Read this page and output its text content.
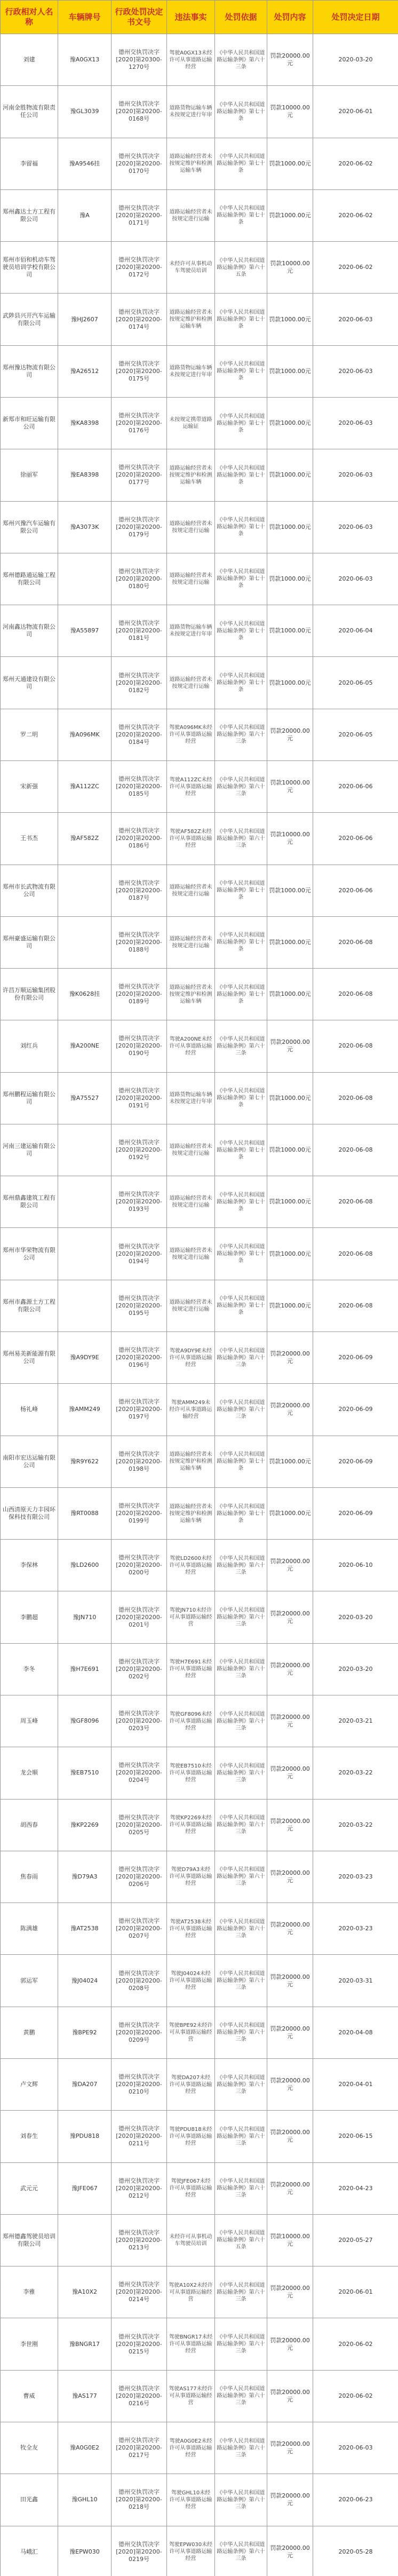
行政相对人名称	车辆牌号	行政处罚决定书文号	违法事实	处罚依据	处罚内容	处罚决定日期
刘建	豫A0GX13	德州交执罚决字[2020]第20300-1270号	驾驶A0GX13未经许可从事道路运输经营	《中华人民共和国道路运输条例》第六十三条	罚款20000.00元	2020-03-20
河南金胜物流有限责任公司	豫GL3039	德州交执罚决字[2020]第20200-0168号	道路货物运输车辆未按规定进行年审	《中华人民共和国道路运输条例》第七十条	罚款10000.00元	2020-06-01
李留福	豫A9546挂	德州交执罚决字[2020]第20200-0170号	道路运输经营者未按规定维护和检测运输车辆	《中华人民共和国道路运输条例》第七十条	罚款1000.00元	2020-06-02
郑州鑫达土方工程有限公司	豫A	德州交执罚决字[2020]第20200-0171号	道路运输经营者未按规定进行运输	《中华人民共和国道路运输条例》第七十条	罚款1000.00元	2020-06-02
郑州市佰和机动车驾驶员培训学校有限公司		德州交执罚决字[2020]第20200-0172号	未经许可从事机动车驾驶员培训	《中华人民共和国道路运输条例》第六十五条	罚款10000.00元	2020-06-02
武陟县兴开汽车运输有限公司	豫HJ2607	德州交执罚决字[2020]第20200-0174号	道路运输经营者未按规定维护和检测运输车辆	《中华人民共和国道路运输条例》第七十条	罚款1000.00元	2020-06-03
郑州豫达物流有限公司	豫A26512	德州交执罚决字[2020]第20200-0175号	道路货物运输车辆未按规定进行年审	《中华人民共和国道路运输条例》第七十条	罚款1000.00元	2020-06-03
新郑市和旺运输有限公司	豫KA8398	德州交执罚决字[2020]第20200-0176号	未按规定携带道路运输证	《中华人民共和国道路运输条例》第七十条	罚款1000.00元	2020-06-03
徐丽军	豫EA8398	德州交执罚决字[2020]第20200-0177号	道路运输经营者未按规定维护和检测运输车辆	《中华人民共和国道路运输条例》第七十条	罚款1000.00元	2020-06-03
郑州兴豫汽车运输有限公司	豫A3073K	德州交执罚决字[2020]第20200-0179号	道路运输经营者未按规定进行运输	《中华人民共和国道路运输条例》第七十条	罚款1000.00元	2020-06-03
郑州德路通运输工程有限公司		德州交执罚决字[2020]第20200-0180号	道路运输经营者未按规定进行运输	《中华人民共和国道路运输条例》第七十条	罚款1000.00元	2020-06-03
河南鑫达物流有限公司	豫A55897	德州交执罚决字[2020]第20200-0181号	道路货物运输车辆未按规定进行年审	《中华人民共和国道路运输条例》第七十条	罚款1000.00元	2020-06-04
郑州天通建设有限公司		德州交执罚决字[2020]第20200-0182号	道路运输经营者未按规定进行运输	《中华人民共和国道路运输条例》第七十条	罚款1000.00元	2020-06-05
罗二明	豫A096MK	德州交执罚决字[2020]第20200-0184号	驾驶A096MK未经许可从事道路运输经营	《中华人民共和国道路运输条例》第六十三条	罚款20000.00元	2020-06-05
宋新强	豫A112ZC	德州交执罚决字[2020]第20200-0185号	驾驶A112ZC未经许可从事道路运输经营	《中华人民共和国道路运输条例》第六十三条	罚款10000.00元	2020-06-06
王书杰	豫AF582Z	德州交执罚决字[2020]第20200-0186号	驾驶AF582Z未经许可从事道路运输经营	《中华人民共和国道路运输条例》第六十三条	罚款10000.00元	2020-06-06
郑州市长武物流有限公司		德州交执罚决字[2020]第20200-0187号	道路运输经营者未按规定进行运输	《中华人民共和国道路运输条例》第七十条	罚款1000.00元	2020-06-06
郑州豪盛运输有限公司		德州交执罚决字[2020]第20200-0188号	道路运输经营者未按规定进行运输	《中华人民共和国道路运输条例》第七十条	罚款1000.00元	2020-06-08
许昌万顺运输集团股份有限公司	豫K0628挂	德州交执罚决字[2020]第20200-0189号	道路运输经营者未按规定维护和检测运输车辆	《中华人民共和国道路运输条例》第七十条	罚款1000.00元	2020-06-08
刘红兵	豫A200NE	德州交执罚决字[2020]第20200-0190号	驾驶A200NE未经许可从事道路运输经营	《中华人民共和国道路运输条例》第六十三条	罚款20000.00元	2020-06-08
郑州鹏程运输有限公司	豫A75527	德州交执罚决字[2020]第20200-0191号	道路货物运输车辆未按规定进行年审	《中华人民共和国道路运输条例》第七十条	罚款1000.00元	2020-06-08
河南三建运输有限公司		德州交执罚决字[2020]第20200-0192号	道路运输经营者未按规定进行运输	《中华人民共和国道路运输条例》第七十条	罚款1000.00元	2020-06-08
郑州鼎鑫建筑工程有限公司		德州交执罚决字[2020]第20200-0193号	道路运输经营者未按规定进行运输	《中华人民共和国道路运输条例》第七十条	罚款1000.00元	2020-06-08
郑州市华荣物流有限公司		德州交执罚决字[2020]第20200-0194号	道路运输经营者未按规定进行运输	《中华人民共和国道路运输条例》第七十条	罚款1000.00元	2020-06-08
郑州市鑫源土方工程有限公司		德州交执罚决字[2020]第20200-0195号	道路运输经营者未按规定进行运输	《中华人民共和国道路运输条例》第七十条	罚款1000.00元	2020-06-08
郑州易美新能源有限公司	豫A9DY9E	德州交执罚决字[2020]第20200-0196号	驾驶A9DY9E未经许可从事道路运输经营	《中华人民共和国道路运输条例》第六十三条	罚款20000.00元	2020-06-09
杨礼峰	豫AMM249	德州交执罚决字[2020]第20200-0197号	驾驶AMM249未经许可从事道路运输经营	《中华人民共和国道路运输条例》第六十三条	罚款20000.00元	2020-06-09
南阳市宏达运输有限公司	豫R9Y622	德州交执罚决字[2020]第20200-0198号	道路运输经营者未按规定维护和检测运输车辆	《中华人民共和国道路运输条例》第七十条	罚款1000.00元	2020-06-09
山西清原天力丰园环保科技有限公司	豫RT0088	德州交执罚决字[2020]第20200-0199号	道路运输经营者未按规定维护和检测运输车辆	《中华人民共和国道路运输条例》第七十条	罚款1000.00元	2020-06-09
李保林	豫LD2600	德州交执罚决字[2020]第20200-0200号	驾驶LD2600未经许可从事道路运输经营	《中华人民共和国道路运输条例》第六十三条	罚款20000.00元	2020-06-10
李鹏超	豫JN710	德州交执罚决字[2020]第20200-0201号	驾驶JN710未经许可从事道路运输经营	《中华人民共和国道路运输条例》第六十三条	罚款20000.00元	2020-03-20
李冬	豫H7E691	德州交执罚决字[2020]第20200-0202号	驾驶H7E691未经许可从事道路运输经营	《中华人民共和国道路运输条例》第六十三条	罚款20000.00元	2020-03-20
周玉峰	豫GF8096	德州交执罚决字[2020]第20200-0203号	驾驶GF8096未经许可从事道路运输经营	《中华人民共和国道路运输条例》第六十三条	罚款20000.00元	2020-03-21
龙会顺	豫EB7510	德州交执罚决字[2020]第20200-0204号	驾驶EB7510未经许可从事道路运输经营	《中华人民共和国道路运输条例》第六十三条	罚款20000.00元	2020-03-22
胡西春	豫KP2269	德州交执罚决字[2020]第20200-0205号	驾驶KP2269未经许可从事道路运输经营	《中华人民共和国道路运输条例》第六十三条	罚款20000.00元	2020-03-22
焦春雨	豫D79A3	德州交执罚决字[2020]第20200-0206号	驾驶D79A3未经许可从事道路运输经营	《中华人民共和国道路运输条例》第六十三条	罚款20000.00元	2020-03-23
陈满雄	豫AT2538	德州交执罚决字[2020]第20200-0207号	驾驶AT2538未经许可从事道路运输经营	《中华人民共和国道路运输条例》第六十三条	罚款20000.00元	2020-03-23
郭运军	豫J04024	德州交执罚决字[2020]第20200-0208号	驾驶J04024未经许可从事道路运输经营	《中华人民共和国道路运输条例》第六十三条	罚款20000.00元	2020-03-31
黄鹏	豫BPE92	德州交执罚决字[2020]第20200-0209号	驾驶BPE92未经许可从事道路运输经营	《中华人民共和国道路运输条例》第六十三条	罚款20000.00元	2020-04-08
卢文辉	豫DA207	德州交执罚决字[2020]第20200-0210号	驾驶DA207未经许可从事道路运输经营	《中华人民共和国道路运输条例》第六十三条	罚款20000.00元	2020-04-01
刘春生	豫PDU818	德州交执罚决字[2020]第20200-0211号	驾驶PDU818未经许可从事道路运输经营	《中华人民共和国道路运输条例》第六十三条	罚款20000.00元	2020-06-15
武元元	豫JFE067	德州交执罚决字[2020]第20200-0212号	驾驶JFE067未经许可从事道路运输经营	《中华人民共和国道路运输条例》第六十三条	罚款20000.00元	2020-04-23
郑州德鑫驾驶员培训有限公司		德州交执罚决字[2020]第20200-0213号	未经许可从事机动车驾驶员培训	《中华人民共和国道路运输条例》第六十五条	罚款10000.00元	2020-05-27
李雅	豫A10X2	德州交执罚决字[2020]第20200-0214号	驾驶A10X2未经许可从事道路运输经营	《中华人民共和国道路运输条例》第六十三条	罚款20000.00元	2020-06-01
李世刚	豫BNGR17	德州交执罚决字[2020]第20200-0215号	驾驶BNGR17未经许可从事道路运输经营	《中华人民共和国道路运输条例》第六十三条	罚款20000.00元	2020-06-02
曹威	豫AS177	德州交执罚决字[2020]第20200-0216号	驾驶AS177未经许可从事道路运输经营	《中华人民共和国道路运输条例》第六十三条	罚款20000.00元	2020-06-02
牧全友	豫A0G0E2	德州交执罚决字[2020]第20200-0217号	驾驶A0G0E2未经许可从事道路运输经营	《中华人民共和国道路运输条例》第六十三条	罚款20000.00元	2020-06-03
田光鑫	豫GHL10	德州交执罚决字[2020]第20200-0218号	驾驶GHL10未经许可从事道路运输经营	《中华人民共和国道路运输条例》第六十三条	罚款20000.00元	2020-06-23
马峨汇	豫EPW030	德州交执罚决字[2020]第20200-0219号	驾驶EPW030未经许可从事道路运输经营	《中华人民共和国道路运输条例》第六十三条	罚款20000.00元	2020-05-28
